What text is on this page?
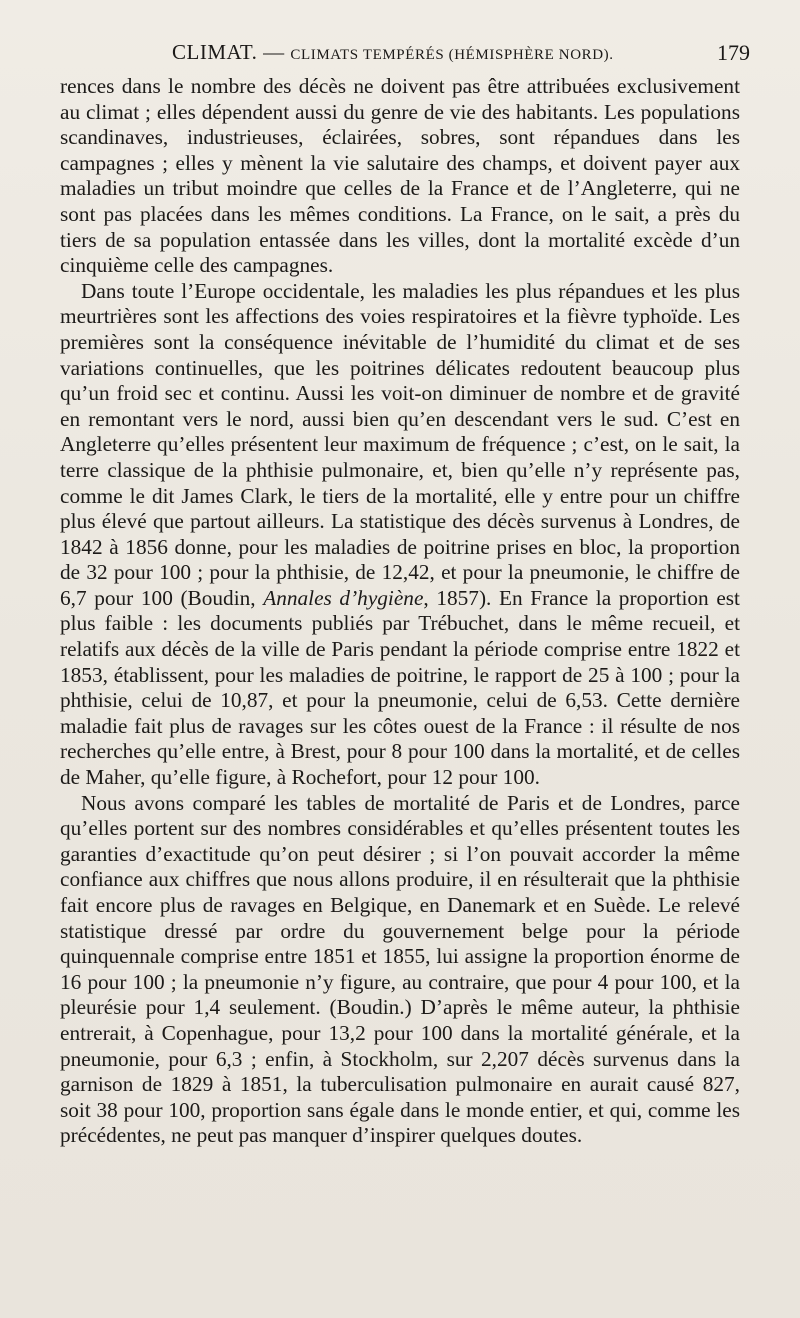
CLIMAT. — CLIMATS TEMPÉRÉS (HÉMISPHÈRE NORD).	179

rences dans le nombre des décès ne doivent pas être attribuées exclusivement au climat ; elles dépendent aussi du genre de vie des habitants. Les populations scandinaves, industrieuses, éclairées, sobres, sont répandues dans les campagnes ; elles y mènent la vie salutaire des champs, et doivent payer aux maladies un tribut moindre que celles de la France et de l’Angleterre, qui ne sont pas placées dans les mêmes conditions. La France, on le sait, a près du tiers de sa population entassée dans les villes, dont la mortalité excède d’un cinquième celle des campagnes.

Dans toute l’Europe occidentale, les maladies les plus répandues et les plus meurtrières sont les affections des voies respiratoires et la fièvre typhoïde. Les premières sont la conséquence inévitable de l’humidité du climat et de ses variations continuelles, que les poitrines délicates redoutent beaucoup plus qu’un froid sec et continu. Aussi les voit-on diminuer de nombre et de gravité en remontant vers le nord, aussi bien qu’en descendant vers le sud. C’est en Angleterre qu’elles présentent leur maximum de fréquence ; c’est, on le sait, la terre classique de la phthisie pulmonaire, et, bien qu’elle n’y représente pas, comme le dit James Clark, le tiers de la mortalité, elle y entre pour un chiffre plus élevé que partout ailleurs. La statistique des décès survenus à Londres, de 1842 à 1856 donne, pour les maladies de poitrine prises en bloc, la proportion de 32 pour 100 ; pour la phthisie, de 12,42, et pour la pneumonie, le chiffre de 6,7 pour 100 (Boudin, Annales d’hygiène, 1857). En France la proportion est plus faible : les documents publiés par Trébuchet, dans le même recueil, et relatifs aux décès de la ville de Paris pendant la période comprise entre 1822 et 1853, établissent, pour les maladies de poitrine, le rapport de 25 à 100 ; pour la phthisie, celui de 10,87, et pour la pneumonie, celui de 6,53. Cette dernière maladie fait plus de ravages sur les côtes ouest de la France : il résulte de nos recherches qu’elle entre, à Brest, pour 8 pour 100 dans la mortalité, et de celles de Maher, qu’elle figure, à Rochefort, pour 12 pour 100.

Nous avons comparé les tables de mortalité de Paris et de Londres, parce qu’elles portent sur des nombres considérables et qu’elles présentent toutes les garanties d’exactitude qu’on peut désirer ; si l’on pouvait accorder la même confiance aux chiffres que nous allons produire, il en résulterait que la phthisie fait encore plus de ravages en Belgique, en Danemark et en Suède. Le relevé statistique dressé par ordre du gouvernement belge pour la période quinquennale comprise entre 1851 et 1855, lui assigne la proportion énorme de 16 pour 100 ; la pneumonie n’y figure, au contraire, que pour 4 pour 100, et la pleurésie pour 1,4 seulement. (Boudin.) D’après le même auteur, la phthisie entrerait, à Copenhague, pour 13,2 pour 100 dans la mortalité générale, et la pneumonie, pour 6,3 ; enfin, à Stockholm, sur 2,207 décès survenus dans la garnison de 1829 à 1851, la tuberculisation pulmonaire en aurait causé 827, soit 38 pour 100, proportion sans égale dans le monde entier, et qui, comme les précédentes, ne peut pas manquer d’inspirer quelques doutes.
